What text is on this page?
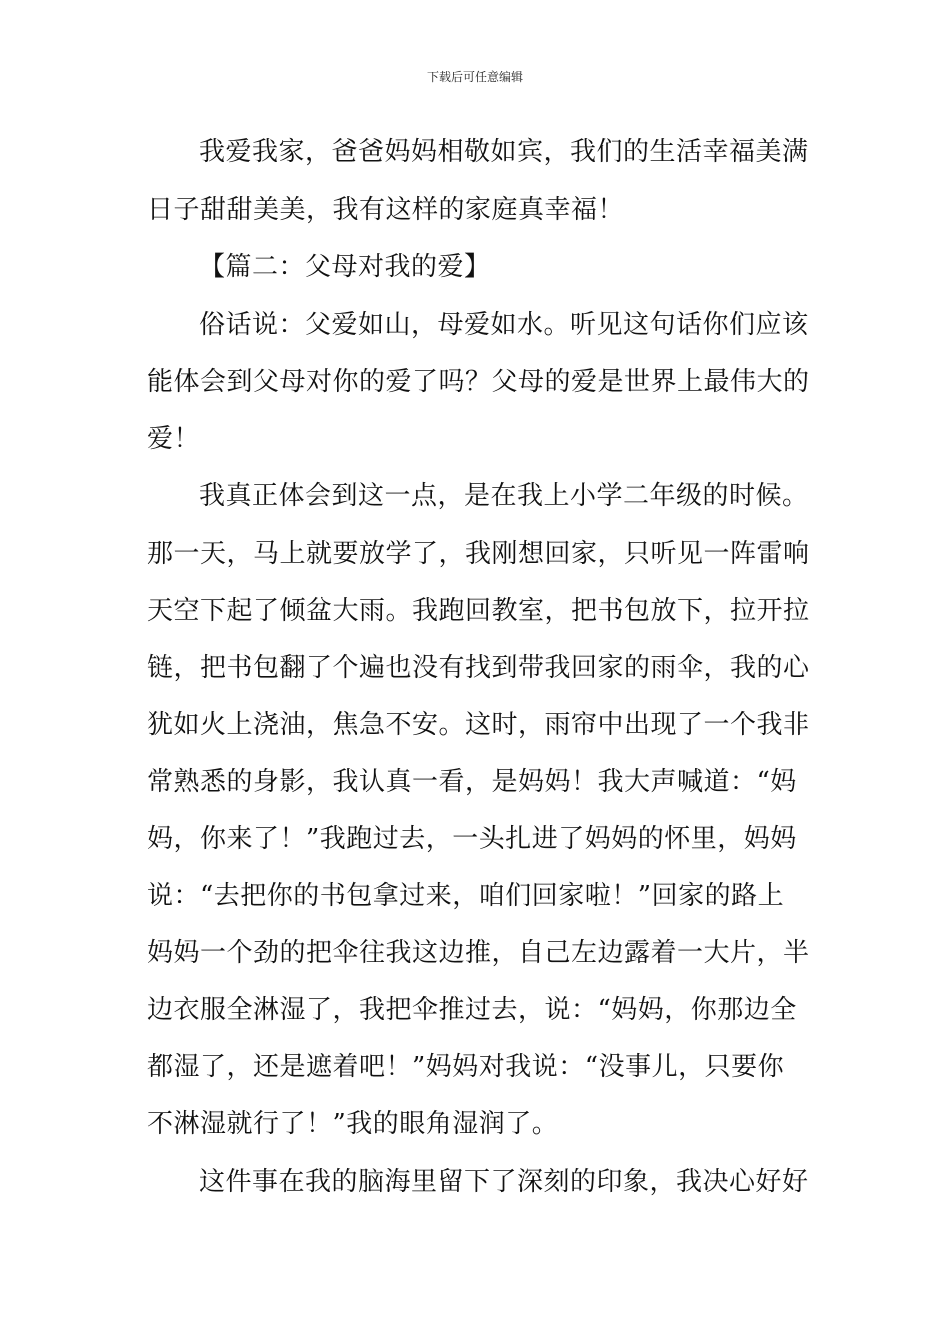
下载后可任意编辑
我爱我家，爸爸妈妈相敬如宾，我们的生活幸福美满
日子甜甜美美，我有这样的家庭真幸福！
【篇二：父母对我的爱】
俗话说：父爱如山，母爱如水。听见这句话你们应该
能体会到父母对你的爱了吗？父母的爱是世界上最伟大的
爱！
我真正体会到这一点，是在我上小学二年级的时候。
那一天，马上就要放学了，我刚想回家，只听见一阵雷响
天空下起了倾盆大雨。我跑回教室，把书包放下，拉开拉
链，把书包翻了个遍也没有找到带我回家的雨伞，我的心
犹如火上浇油，焦急不安。这时，雨帘中出现了一个我非
常熟悉的身影，我认真一看，是妈妈！我大声喊道：“妈
妈，你来了！”我跑过去，一头扎进了妈妈的怀里，妈妈
说：“去把你的书包拿过来，咱们回家啦！”回家的路上
妈妈一个劲的把伞往我这边推，自己左边露着一大片，半
边衣服全淋湿了，我把伞推过去，说：“妈妈，你那边全
都湿了，还是遮着吧！”妈妈对我说：“没事儿，只要你
不淋湿就行了！”我的眼角湿润了。
这件事在我的脑海里留下了深刻的印象，我决心好好
